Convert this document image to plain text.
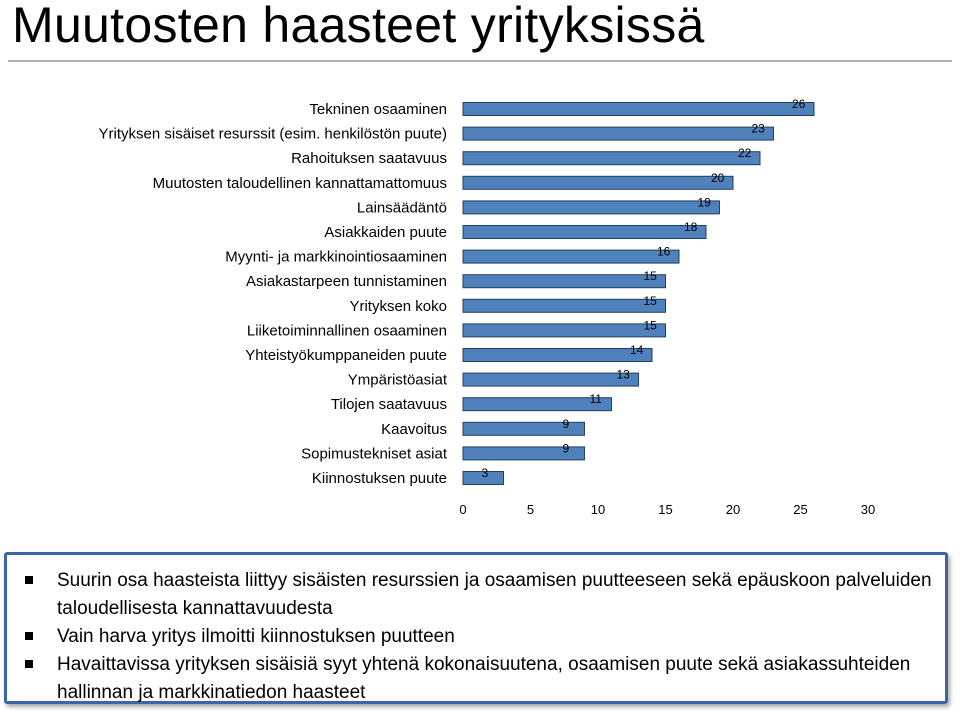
Muutosten haasteet yrityksissä
Tekninen osaaminen
Yrityksen sisäiset resurssit (esim. henkilöstön puute)
Rahoituksen saatavuus
Muutosten taloudellinen kannattamattomuus
Lainsäädäntö
Asiakkaiden puute
Myynti- ja markkinointiosaaminen
Asiakastarpeen tunnistaminen
Yrityksen koko
Liiketoiminnallinen osaaminen
Yhteistyökumppaneiden puute
Ympäristöasiat
Tilojen saatavuus
Kaavoitus
Sopimustekniset asiat
Kiinnostuksen puute
26
23
22
20
19
18
16
15
15
15
14
13
11
9
9
3
0	5	10	15	20	25	30
Suurin osa haasteista liittyy sisäisten resurssien ja osaamisen puutteeseen sekä epäuskoon palveluiden taloudellisesta kannattavuudesta
Vain harva yritys ilmoitti kiinnostuksen puutteen
Havaittavissa yrityksen sisäisiä syyt yhtenä kokonaisuutena, osaamisen puute sekä asiakassuhteiden hallinnan ja markkinatiedon haasteet
